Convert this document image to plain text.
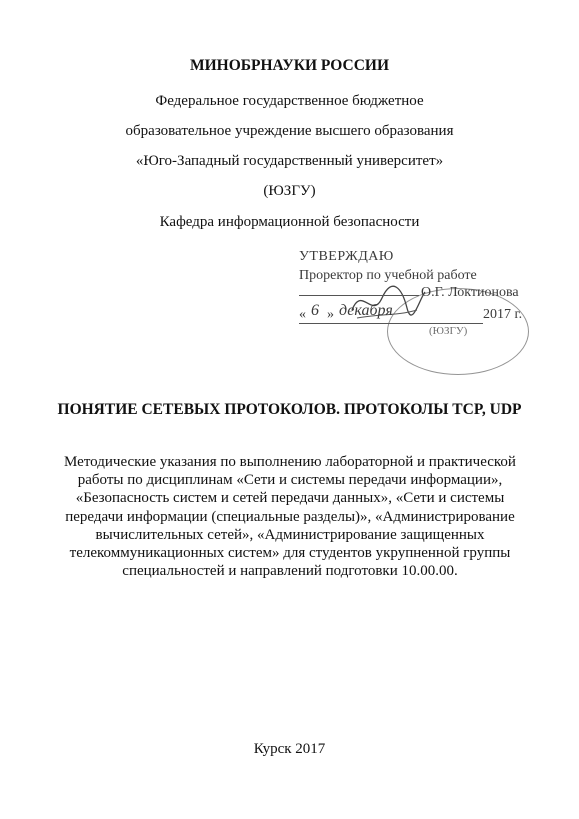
МИНОБРНАУКИ РОССИИ
Федеральное государственное бюджетное
образовательное учреждение высшего образования
«Юго-Западный государственный университет»
(ЮЗГУ)
Кафедра информационной безопасности
(ЮЗГУ)
УТВЕРЖДАЮ
Проректор по учебной работе
О.Г. Локтионова
« 6 » декабря	2017 г.
ПОНЯТИЕ СЕТЕВЫХ ПРОТОКОЛОВ. ПРОТОКОЛЫ TCP, UDP
Методические указания по выполнению лабораторной и практической
работы по дисциплинам «Сети и системы передачи информации»,
«Безопасность систем и сетей передачи данных», «Сети и системы
передачи информации (специальные разделы)», «Администрирование
вычислительных сетей», «Администрирование защищенных
телекоммуникационных систем» для студентов укрупненной группы
специальностей и направлений подготовки 10.00.00.
Курск 2017
